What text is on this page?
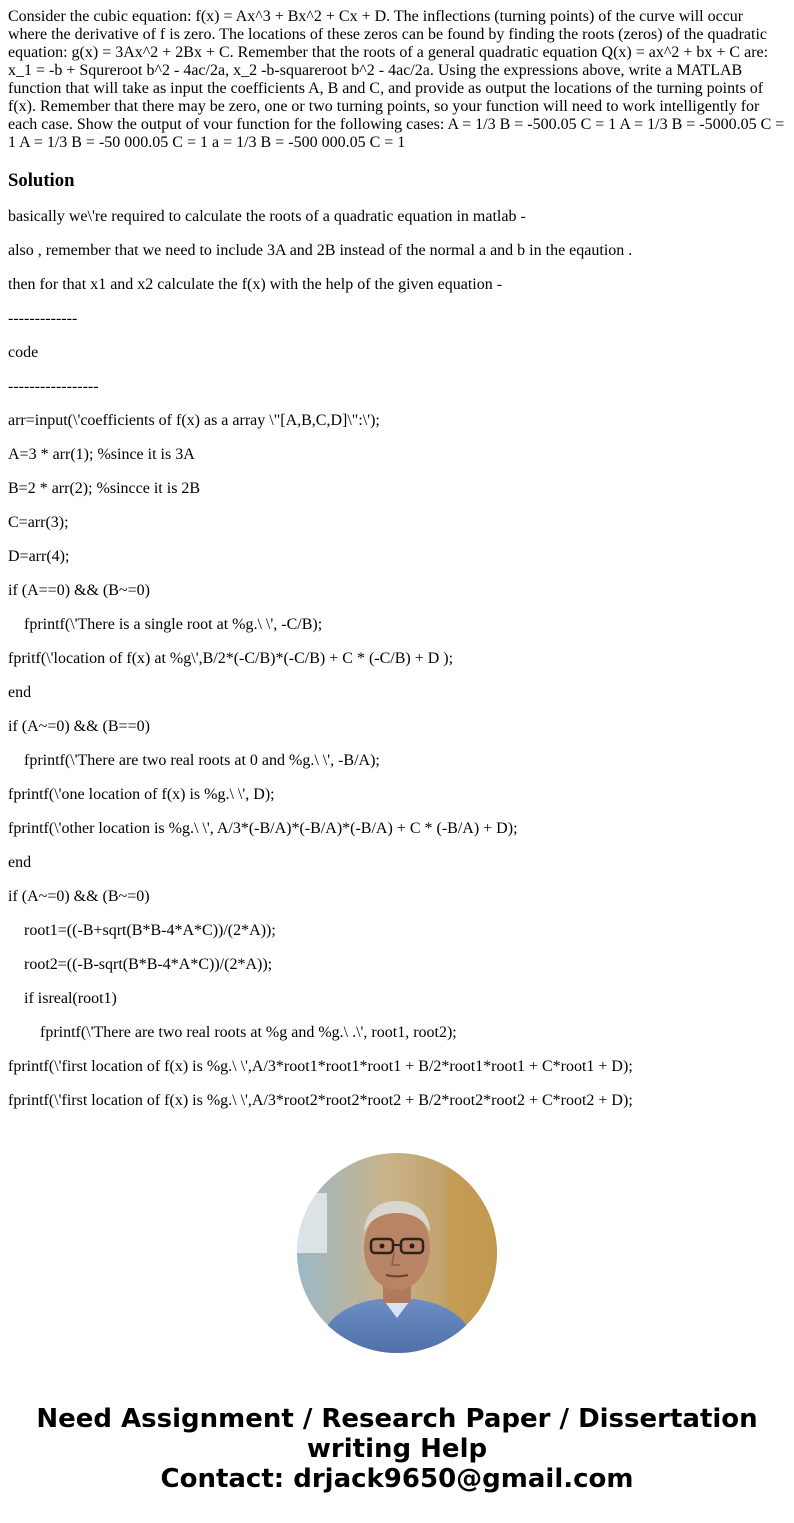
Consider the cubic equation: f(x) = Ax^3 + Bx^2 + Cx + D. The inflections (turning points) of the curve will occur where the derivative of f is zero. The locations of these zeros can be found by finding the roots (zeros) of the quadratic equation: g(x) = 3Ax^2 + 2Bx + C. Remember that the roots of a general quadratic equation Q(x) = ax^2 + bx + C are: x_1 = -b + Squreroot b^2 - 4ac/2a, x_2 -b-squareroot b^2 - 4ac/2a. Using the expressions above, write a MATLAB function that will take as input the coefficients A, B and C, and provide as output the locations of the turning points of f(x). Remember that there may be zero, one or two turning points, so your function will need to work intelligently for each case. Show the output of vour function for the following cases: A = 1/3 B = -500.05 C = 1 A = 1/3 B = -5000.05 C = 1 A = 1/3 B = -50 000.05 C = 1 a = 1/3 B = -500 000.05 C = 1

Solution

basically we\'re required to calculate the roots of a quadratic equation in matlab -

also , remember that we need to include 3A and 2B instead of the normal a and b in the eqaution .

then for that x1 and x2 calculate the f(x) with the help of the given equation -

-------------

code

-----------------

arr=input(\'coefficients of f(x) as a array \"[A,B,C,D]\":\');

A=3 * arr(1); %since it is 3A

B=2 * arr(2); %sincce it is 2B

C=arr(3);

D=arr(4);

if (A==0) && (B~=0)

fprintf(\'There is a single root at %g.\ \', -C/B);

fpritf(\'location of f(x) at %g\',B/2*(-C/B)*(-C/B) + C * (-C/B) + D );

end

if (A~=0) && (B==0)

fprintf(\'There are two real roots at 0 and %g.\ \', -B/A);

fprintf(\'one location of f(x) is %g.\ \', D);

fprintf(\'other location is %g.\ \', A/3*(-B/A)*(-B/A)*(-B/A) + C * (-B/A) + D);

end

if (A~=0) && (B~=0)

root1=((-B+sqrt(B*B-4*A*C))/(2*A));

root2=((-B-sqrt(B*B-4*A*C))/(2*A));

if isreal(root1)

fprintf(\'There are two real roots at %g and %g.\ .\', root1, root2);

fprintf(\'first location of f(x) is %g.\ \',A/3*root1*root1*root1 + B/2*root1*root1 + C*root1 + D);

fprintf(\'first location of f(x) is %g.\ \',A/3*root2*root2*root2 + B/2*root2*root2 + C*root2 + D);

Need Assignment / Research Paper / Dissertation
writing Help
Contact: drjack9650@gmail.com
